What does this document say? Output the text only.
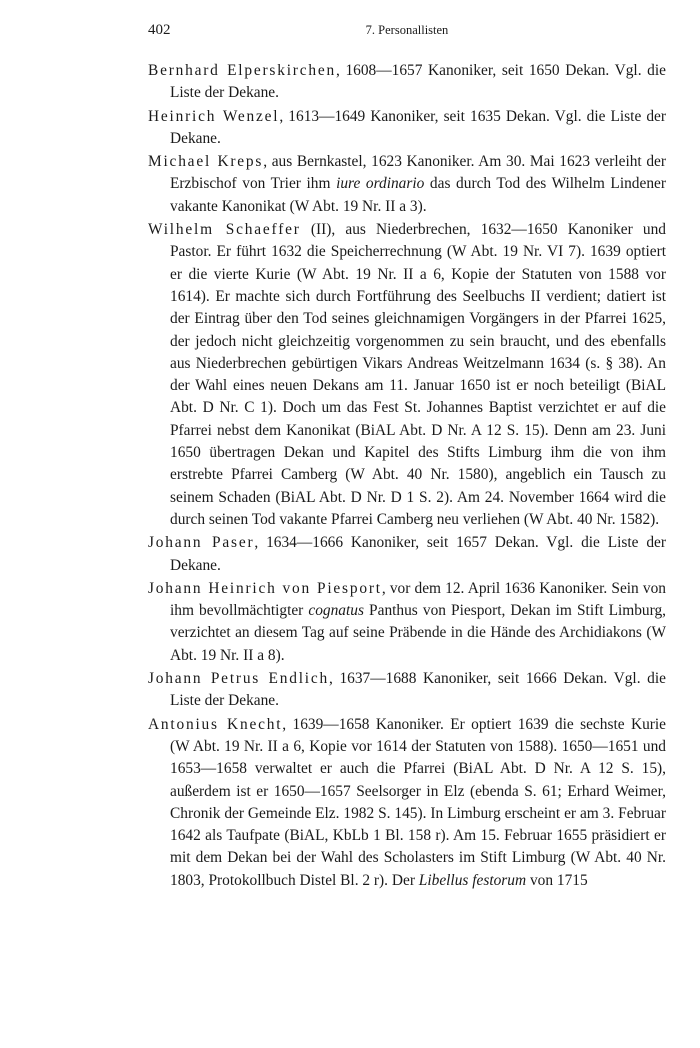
402	7. Personallisten

Bernhard Elperskirchen, 1608—1657 Kanoniker, seit 1650 Dekan. Vgl. die Liste der Dekane.

Heinrich Wenzel, 1613—1649 Kanoniker, seit 1635 Dekan. Vgl. die Liste der Dekane.

Michael Kreps, aus Bernkastel, 1623 Kanoniker. Am 30. Mai 1623 verleiht der Erzbischof von Trier ihm iure ordinario das durch Tod des Wilhelm Lindener vakante Kanonikat (W Abt. 19 Nr. II a 3).

Wilhelm Schaeffer (II), aus Niederbrechen, 1632—1650 Kanoniker und Pastor. Er führt 1632 die Speicherrechnung (W Abt. 19 Nr. VI 7). 1639 optiert er die vierte Kurie (W Abt. 19 Nr. II a 6, Kopie der Statuten von 1588 vor 1614). Er machte sich durch Fortführung des Seelbuchs II verdient; datiert ist der Eintrag über den Tod seines gleichnamigen Vorgängers in der Pfarrei 1625, der jedoch nicht gleichzeitig vorgenommen zu sein braucht, und des ebenfalls aus Niederbrechen gebürtigen Vikars Andreas Weitzelmann 1634 (s. § 38). An der Wahl eines neuen Dekans am 11. Januar 1650 ist er noch beteiligt (BiAL Abt. D Nr. C 1). Doch um das Fest St. Johannes Baptist verzichtet er auf die Pfarrei nebst dem Kanonikat (BiAL Abt. D Nr. A 12 S. 15). Denn am 23. Juni 1650 übertragen Dekan und Kapitel des Stifts Limburg ihm die von ihm erstrebte Pfarrei Camberg (W Abt. 40 Nr. 1580), angeblich ein Tausch zu seinem Schaden (BiAL Abt. D Nr. D 1 S. 2). Am 24. November 1664 wird die durch seinen Tod vakante Pfarrei Camberg neu verliehen (W Abt. 40 Nr. 1582).

Johann Paser, 1634—1666 Kanoniker, seit 1657 Dekan. Vgl. die Liste der Dekane.

Johann Heinrich von Piesport, vor dem 12. April 1636 Kanoniker. Sein von ihm bevollmächtigter cognatus Panthus von Piesport, Dekan im Stift Limburg, verzichtet an diesem Tag auf seine Präbende in die Hände des Archidiakons (W Abt. 19 Nr. II a 8).

Johann Petrus Endlich, 1637—1688 Kanoniker, seit 1666 Dekan. Vgl. die Liste der Dekane.

Antonius Knecht, 1639—1658 Kanoniker. Er optiert 1639 die sechste Kurie (W Abt. 19 Nr. II a 6, Kopie vor 1614 der Statuten von 1588). 1650—1651 und 1653—1658 verwaltet er auch die Pfarrei (BiAL Abt. D Nr. A 12 S. 15), außerdem ist er 1650—1657 Seelsorger in Elz (ebenda S. 61; Erhard Weimer, Chronik der Gemeinde Elz. 1982 S. 145). In Limburg erscheint er am 3. Februar 1642 als Taufpate (BiAL, KbLb 1 Bl. 158 r). Am 15. Februar 1655 präsidiert er mit dem Dekan bei der Wahl des Scholasters im Stift Limburg (W Abt. 40 Nr. 1803, Protokollbuch Distel Bl. 2 r). Der Libellus festorum von 1715
